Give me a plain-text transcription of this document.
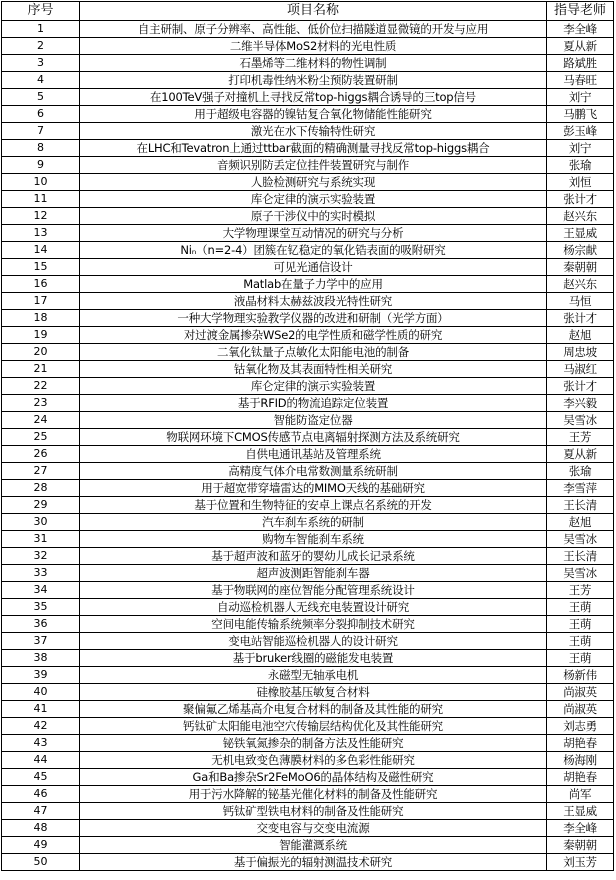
序号	项目名称	指导老师
1	自主研制、原子分辨率、高性能、低价位扫描隧道显微镜的开发与应用	李全峰
2	二维半导体MoS2材料的光电性质	夏从新
3	石墨烯等二维材料的物性调制	路斌胜
4	打印机毒性纳米粉尘预防装置研制	马春旺
5	在100TeV强子对撞机上寻找反常top-higgs耦合诱导的三top信号	刘宁
6	用于超级电容器的镍钴复合氧化物储能性能研究	马鹏飞
7	激光在水下传输特性研究	彭玉峰
8	在LHC和Tevatron上通过ttbar截面的精确测量寻找反常top-higgs耦合	刘宁
9	音频识别防丢定位挂件装置研究与制作	张瑜
10	人脸检测研究与系统实现	刘恒
11	库仑定律的演示实验装置	张计才
12	原子干涉仪中的实时模拟	赵兴东
13	大学物理课堂互动情况的研究与分析	王显威
14	Niₙ（n=2-4）团簇在钇稳定的氧化锆表面的吸附研究	杨宗献
15	可见光通信设计	秦朝朝
16	Matlab在量子力学中的应用	赵兴东
17	液晶材料太赫兹波段光特性研究	马恒
18	一种大学物理实验教学仪器的改进和研制（光学方面）	张计才
19	对过渡金属掺杂WSe2的电学性质和磁学性质的研究	赵旭
20	二氧化钛量子点敏化太阳能电池的制备	周忠坡
21	钴氧化物及其表面特性相关研究	马淑红
22	库仑定律的演示实验装置	张计才
23	基于RFID的物流追踪定位装置	李兴毅
24	智能防盗定位器	吴雪冰
25	物联网环境下CMOS传感节点电离辐射探测方法及系统研究	王芳
26	自供电通讯基站及管理系统	夏从新
27	高精度气体介电常数测量系统研制	张瑜
28	用于超宽带穿墙雷达的MIMO天线的基础研究	李雪萍
29	基于位置和生物特征的安卓上课点名系统的开发	王长清
30	汽车刹车系统的研制	赵旭
31	购物车智能刹车系统	吴雪冰
32	基于超声波和蓝牙的婴幼儿成长记录系统	王长清
33	超声波测距智能刹车器	吴雪冰
34	基于物联网的座位智能分配管理系统设计	王芳
35	自动巡检机器人无线充电装置设计研究	王萌
36	空间电能传输系统频率分裂抑制技术研究	王萌
37	变电站智能巡检机器人的设计研究	王萌
38	基于bruker线圈的磁能发电装置	王萌
39	永磁型无轴承电机	杨新伟
40	硅橡胶基压敏复合材料	尚淑英
41	聚偏氟乙烯基高介电复合材料的制备及其性能的研究	尚淑英
42	钙钛矿太阳能电池空穴传输层结构优化及其性能研究	刘志勇
43	铋铁氧氮掺杂的制备方法及性能研究	胡艳春
44	无机电致变色薄膜材料的多色彩性能研究	杨海刚
45	Ga和Ba掺杂Sr2FeMoO6的晶体结构及磁性研究	胡艳春
46	用于污水降解的铋基光催化材料的制备及性能研究	尚军
47	钙钛矿型铁电材料的制备及性能研究	王显威
48	交变电容与交变电流源	李全峰
49	智能灌溉系统	秦朝朝
50	基于偏振光的辐射测温技术研究	刘玉芳
